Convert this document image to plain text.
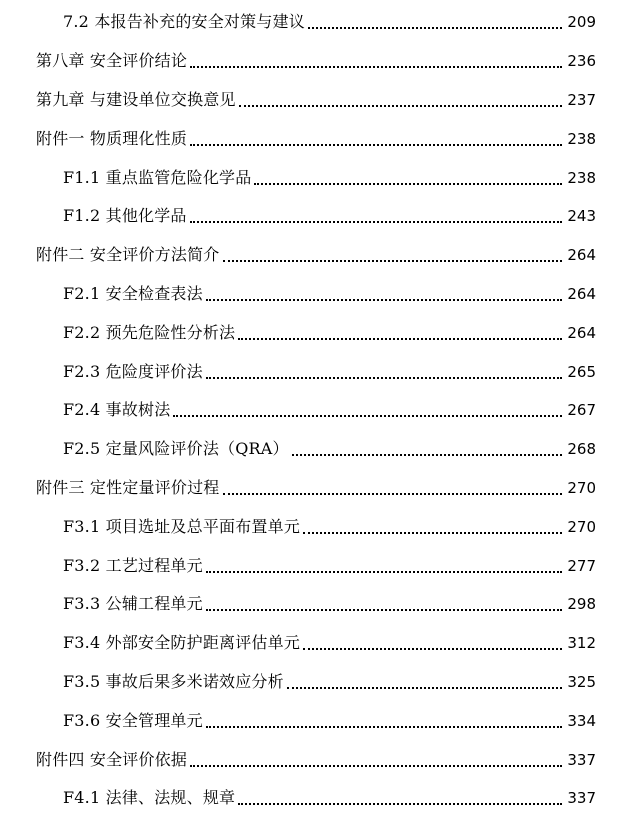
7.2 本报告补充的安全对策与建议	209
第八章 安全评价结论	236
第九章 与建设单位交换意见	237
附件一 物质理化性质	238
F1.1 重点监管危险化学品	238
F1.2 其他化学品	243
附件二 安全评价方法简介	264
F2.1 安全检查表法	264
F2.2 预先危险性分析法	264
F2.3 危险度评价法	265
F2.4 事故树法	267
F2.5 定量风险评价法（QRA）	268
附件三 定性定量评价过程	270
F3.1 项目选址及总平面布置单元	270
F3.2 工艺过程单元	277
F3.3 公辅工程单元	298
F3.4 外部安全防护距离评估单元	312
F3.5 事故后果多米诺效应分析	325
F3.6 安全管理单元	334
附件四 安全评价依据	337
F4.1 法律、法规、规章	337
